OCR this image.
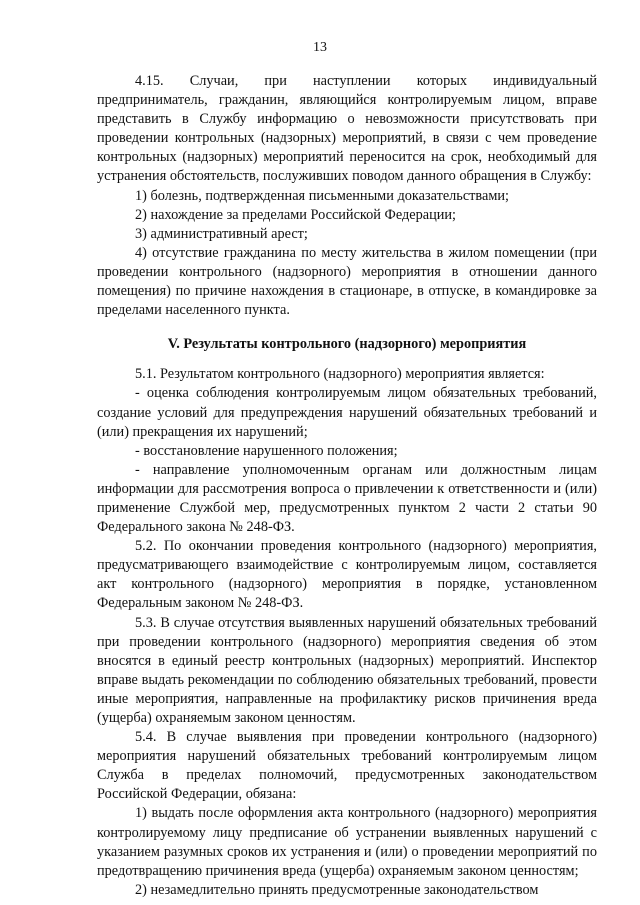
13

4.15. Случаи, при наступлении которых индивидуальный предприниматель, гражданин, являющийся контролируемым лицом, вправе представить в Службу информацию о невозможности присутствовать при проведении контрольных (надзорных) мероприятий, в связи с чем проведение контрольных (надзорных) мероприятий переносится на срок, необходимый для устранения обстоятельств, послуживших поводом данного обращения в Службу:

1) болезнь, подтвержденная письменными доказательствами;

2) нахождение за пределами Российской Федерации;

3) административный арест;

4) отсутствие гражданина по месту жительства в жилом помещении (при проведении контрольного (надзорного) мероприятия в отношении данного помещения) по причине нахождения в стационаре, в отпуске, в командировке за пределами населенного пункта.

V. Результаты контрольного (надзорного) мероприятия

5.1. Результатом контрольного (надзорного) мероприятия является:

- оценка соблюдения контролируемым лицом обязательных требований, создание условий для предупреждения нарушений обязательных требований и (или) прекращения их нарушений;

- восстановление нарушенного положения;

- направление уполномоченным органам или должностным лицам информации для рассмотрения вопроса о привлечении к ответственности и (или) применение Службой мер, предусмотренных пунктом 2 части 2 статьи 90 Федерального закона № 248-ФЗ.

5.2. По окончании проведения контрольного (надзорного) мероприятия, предусматривающего взаимодействие с контролируемым лицом, составляется акт контрольного (надзорного) мероприятия в порядке, установленном Федеральным законом № 248-ФЗ.

5.3. В случае отсутствия выявленных нарушений обязательных требований при проведении контрольного (надзорного) мероприятия сведения об этом вносятся в единый реестр контрольных (надзорных) мероприятий. Инспектор вправе выдать рекомендации по соблюдению обязательных требований, провести иные мероприятия, направленные на профилактику рисков причинения вреда (ущерба) охраняемым законом ценностям.

5.4. В случае выявления при проведении контрольного (надзорного) мероприятия нарушений обязательных требований контролируемым лицом Служба в пределах полномочий, предусмотренных законодательством Российской Федерации, обязана:

1) выдать после оформления акта контрольного (надзорного) мероприятия контролируемому лицу предписание об устранении выявленных нарушений с указанием разумных сроков их устранения и (или) о проведении мероприятий по предотвращению причинения вреда (ущерба) охраняемым законом ценностям;

2) незамедлительно принять предусмотренные законодательством
